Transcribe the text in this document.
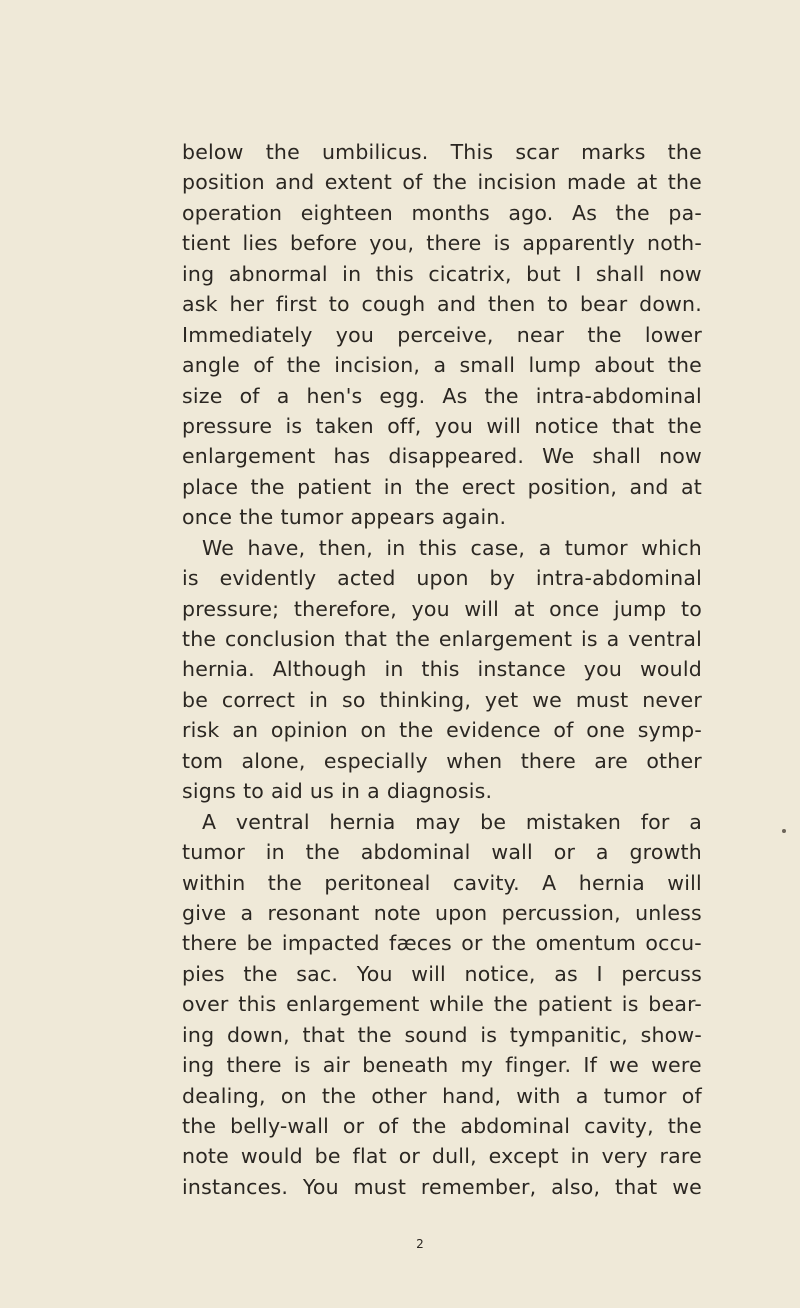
below the umbilicus. This scar marks the
position and extent of the incision made at the
operation eighteen months ago. As the pa-
tient lies before you, there is apparently noth-
ing abnormal in this cicatrix, but I shall now
ask her first to cough and then to bear down.
Immediately you perceive, near the lower
angle of the incision, a small lump about the
size of a hen's egg. As the intra-abdominal
pressure is taken off, you will notice that the
enlargement has disappeared. We shall now
place the patient in the erect position, and at
once the tumor appears again.
We have, then, in this case, a tumor which
is evidently acted upon by intra-abdominal
pressure; therefore, you will at once jump to
the conclusion that the enlargement is a ventral
hernia. Although in this instance you would
be correct in so thinking, yet we must never
risk an opinion on the evidence of one symp-
tom alone, especially when there are other
signs to aid us in a diagnosis.
A ventral hernia may be mistaken for a
tumor in the abdominal wall or a growth
within the peritoneal cavity. A hernia will
give a resonant note upon percussion, unless
there be impacted fæces or the omentum occu-
pies the sac. You will notice, as I percuss
over this enlargement while the patient is bear-
ing down, that the sound is tympanitic, show-
ing there is air beneath my finger. If we were
dealing, on the other hand, with a tumor of
the belly-wall or of the abdominal cavity, the
note would be flat or dull, except in very rare
instances. You must remember, also, that we
2
